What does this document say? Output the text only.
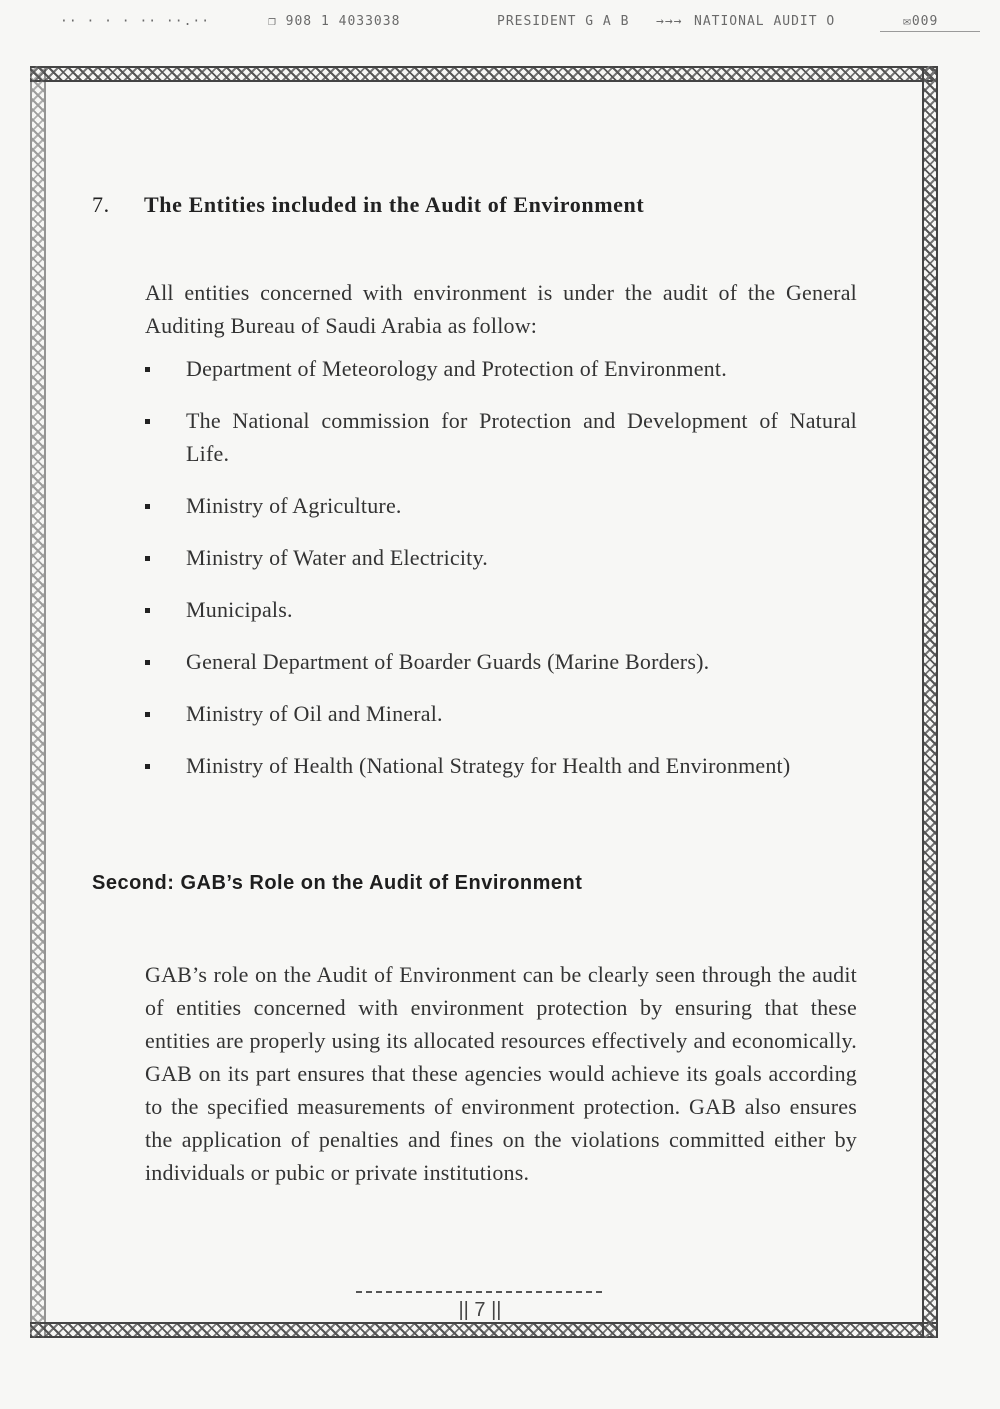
·· · · · ·· ··.··	❐ 908 1 4033038	PRESIDENT G A B →→→ NATIONAL AUDIT O	✉009
7. The Entities included in the Audit of Environment

All entities concerned with environment is under the audit of the General Auditing Bureau of Saudi Arabia as follow:

Department of Meteorology and Protection of Environment.
The National commission for Protection and Development of Natural Life.
Ministry of Agriculture.
Ministry of Water and Electricity.
Municipals.
General Department of Boarder Guards (Marine Borders).
Ministry of Oil and Mineral.
Ministry of Health (National Strategy for Health and Environment)
Second: GAB’s Role on the Audit of Environment

GAB’s role on the Audit of Environment can be clearly seen through the audit of entities concerned with environment protection by ensuring that these entities are properly using its allocated resources effectively and economically. GAB on its part ensures that these agencies would achieve its goals according to the specified measurements of environment protection. GAB also ensures the application of penalties and fines on the violations committed either by individuals or pubic or private institutions.

|| 7 ||
